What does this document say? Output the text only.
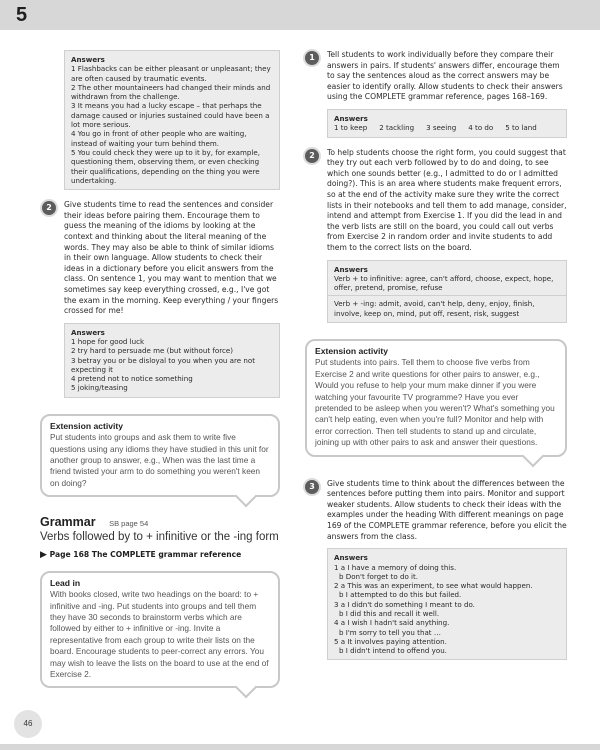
5
Answers
1 Flashbacks can be either pleasant or unpleasant; they are often caused by traumatic events.
2 The other mountaineers had changed their minds and withdrawn from the challenge.
3 It means you had a lucky escape – that perhaps the damage caused or injuries sustained could have been a lot more serious.
4 You go in front of other people who are waiting, instead of waiting your turn behind them.
5 You could check they were up to it by, for example, questioning them, observing them, or even checking their qualifications, depending on the thing you were undertaking.
2	Give students time to read the sentences and consider their ideas before pairing them. Encourage them to guess the meaning of the idioms by looking at the context and thinking about the literal meaning of the words. They may also be able to think of similar idioms in their own language. Allow students to check their ideas in a dictionary before you elicit answers from the class. On sentence 1, you may want to mention that we sometimes say keep everything crossed, e.g., I've got the exam in the morning. Keep everything / your fingers crossed for me!
Answers
1 hope for good luck
2 try hard to persuade me (but without force)
3 betray you or be disloyal to you when you are not expecting it
4 pretend not to notice something
5 joking/teasing
Extension activity
Put students into groups and ask them to write five questions using any idioms they have studied in this unit for another group to answer, e.g., When was the last time a friend twisted your arm to do something you weren't keen on doing?
Grammar SB page 54
Verbs followed by to + infinitive or the -ing form
▶ Page 168 The COMPLETE grammar reference
Lead in
With books closed, write two headings on the board: to + infinitive and -ing. Put students into groups and tell them they have 30 seconds to brainstorm verbs which are followed by either to + infinitive or -ing. Invite a representative from each group to write their lists on the board. Encourage students to peer-correct any errors. You may wish to leave the lists on the board to use at the end of Exercise 2.
1	Tell students to work individually before they compare their answers in pairs. If students' answers differ, encourage them to say the sentences aloud as the correct answers may be easier to identify orally. Allow students to check their answers using the COMPLETE grammar reference, pages 168–169.
Answers
1 to keep 2 tackling 3 seeing 4 to do 5 to land
2	To help students choose the right form, you could suggest that they try out each verb followed by to do and doing, to see which one sounds better (e.g., I admitted to do or I admitted doing?). This is an area where students make frequent errors, so at the end of the activity make sure they write the correct lists in their notebooks and tell them to add manage, consider, intend and attempt from Exercise 1. If you did the lead in and the verb lists are still on the board, you could call out verbs from Exercise 2 in random order and invite students to add them to the correct lists on the board.
Answers
Verb + to infinitive: agree, can't afford, choose, expect, hope, offer, pretend, promise, refuse
Verb + -ing: admit, avoid, can't help, deny, enjoy, finish, involve, keep on, mind, put off, resent, risk, suggest
Extension activity
Put students into pairs. Tell them to choose five verbs from Exercise 2 and write questions for other pairs to answer, e.g., Would you refuse to help your mum make dinner if you were watching your favourite TV programme? Have you ever pretended to be asleep when you weren't? What's something you can't help eating, even when you're full? Monitor and help with error correction. Then tell students to stand up and circulate, joining up with other pairs to ask and answer their questions.
3	Give students time to think about the differences between the sentences before putting them into pairs. Monitor and support weaker students. Allow students to check their ideas with the examples under the heading With different meanings on page 169 of the COMPLETE grammar reference, before you elicit the answers from the class.
Answers
1 a I have a memory of doing this.
b Don't forget to do it.
2 a This was an experiment, to see what would happen.
b I attempted to do this but failed.
3 a I didn't do something I meant to do.
b I did this and recall it well.
4 a I wish I hadn't said anything.
b I'm sorry to tell you that …
5 a It involves paying attention.
b I didn't intend to offend you.
46
